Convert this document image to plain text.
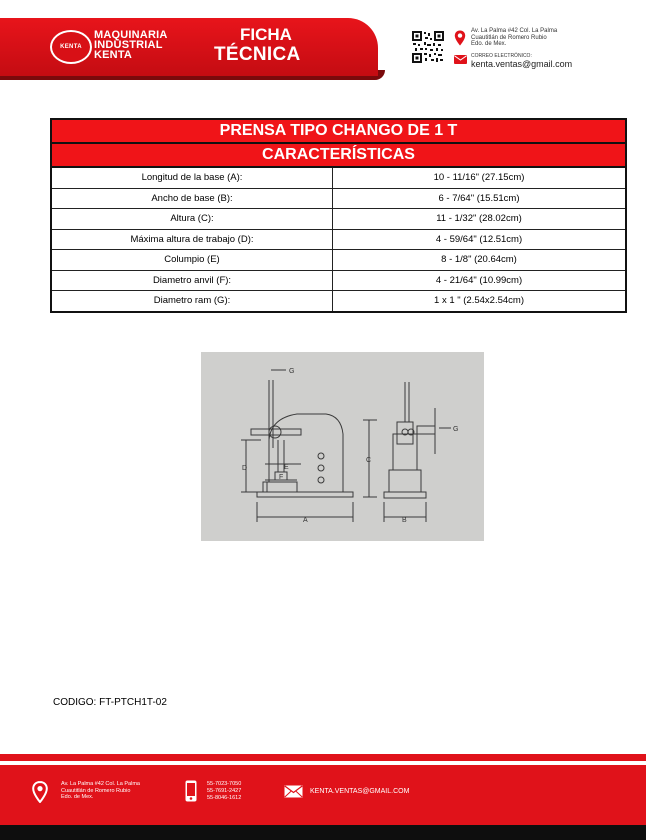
KENTA
MAQUINARIA
INDUSTRIAL
KENTA
FICHA
TÉCNICA
Av. La Palma #42 Col. La Palma
Cuautitlán de Romero Rubio
Edo. de Mex.
CORREO ELECTRÓNICO:
kenta.ventas@gmail.com
PRENSA TIPO CHANGO DE 1 T	
CARACTERÍSTICAS	
Longitud de la base (A):	10 - 11/16" (27.15cm)
Ancho de base (B):	6 - 7/64" (15.51cm)
Altura (C):	11 - 1/32" (28.02cm)
Máxima altura de trabajo (D):	4 - 59/64" (12.51cm)
Columpio (E)	8 - 1/8" (20.64cm)
Diametro anvil (F):	4 - 21/64" (10.99cm)
Diametro ram (G):	1 x 1 " (2.54x2.54cm)
A	B
C
D	E
F
G
G
CODIGO: FT-PTCH1T-02
Av. La Palma #42 Col. La Palma
Cuautitlán de Romero Rubio
Edo. de Mex.
55-7023-7050
55-7691-2427
55-8046-1612
KENTA.VENTAS@GMAIL.COM
